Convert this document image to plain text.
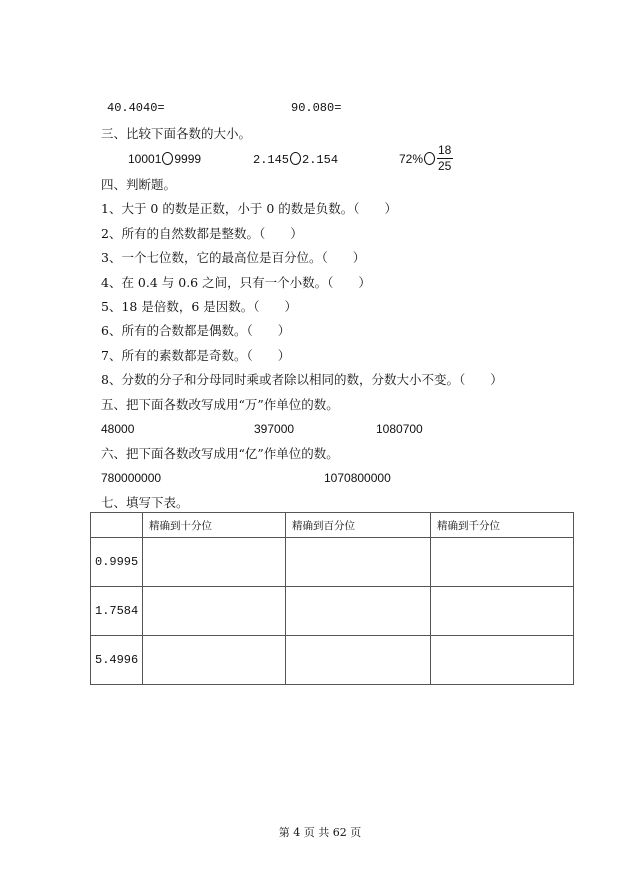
40.4040=	90.080=
三、比较下面各数的大小。
10001 9999	2.145 2.154	72%
18
25
四、判断题。
1、大于 0 的数是正数，小于 0 的数是负数。（　　）
2、所有的自然数都是整数。（　　）
3、一个七位数，它的最高位是百分位。（　　）
4、在 0.4 与 0.6 之间，只有一个小数。（　　）
5、18 是倍数，6 是因数。（　　）
6、所有的合数都是偶数。（　　）
7、所有的素数都是奇数。（　　）
8、分数的分子和分母同时乘或者除以相同的数，分数大小不变。（　　）
五、把下面各数改写成用“万”作单位的数。
48000	397000	1080700
六、把下面各数改写成用“亿”作单位的数。
780000000	1070800000
七、填写下表。
	精确到十分位	精确到百分位	精确到千分位
0.9995			
1.7584			
5.4996			
第 4 页 共 62 页
